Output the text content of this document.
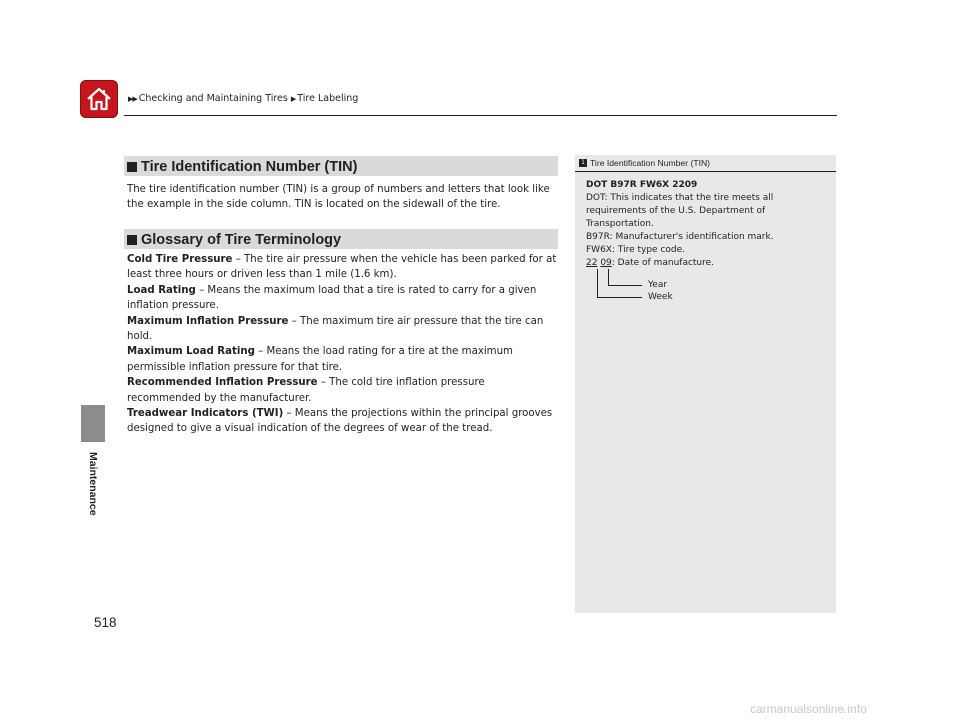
▶▶ Checking and Maintaining Tires ▶ Tire Labeling
Maintenance
Tire Identification Number (TIN)
The tire identification number (TIN) is a group of numbers and letters that look like the example in the side column. TIN is located on the sidewall of the tire.
Glossary of Tire Terminology

Cold Tire Pressure – The tire air pressure when the vehicle has been parked for at least three hours or driven less than 1 mile (1.6 km).

Load Rating – Means the maximum load that a tire is rated to carry for a given inflation pressure.

Maximum Inflation Pressure – The maximum tire air pressure that the tire can hold.

Maximum Load Rating – Means the load rating for a tire at the maximum permissible inflation pressure for that tire.

Recommended Inflation Pressure – The cold tire inflation pressure recommended by the manufacturer.

Treadwear Indicators (TWI) – Means the projections within the principal grooves designed to give a visual indication of the degrees of wear of the tread.

1 Tire Identification Number (TIN)

DOT B97R FW6X 2209

DOT: This indicates that the tire meets all requirements of the U.S. Department of Transportation.

B97R: Manufacturer's identification mark.

FW6X: Tire type code.

22 09: Date of manufacture.

Year
Week
518
carmanualsonline.info
